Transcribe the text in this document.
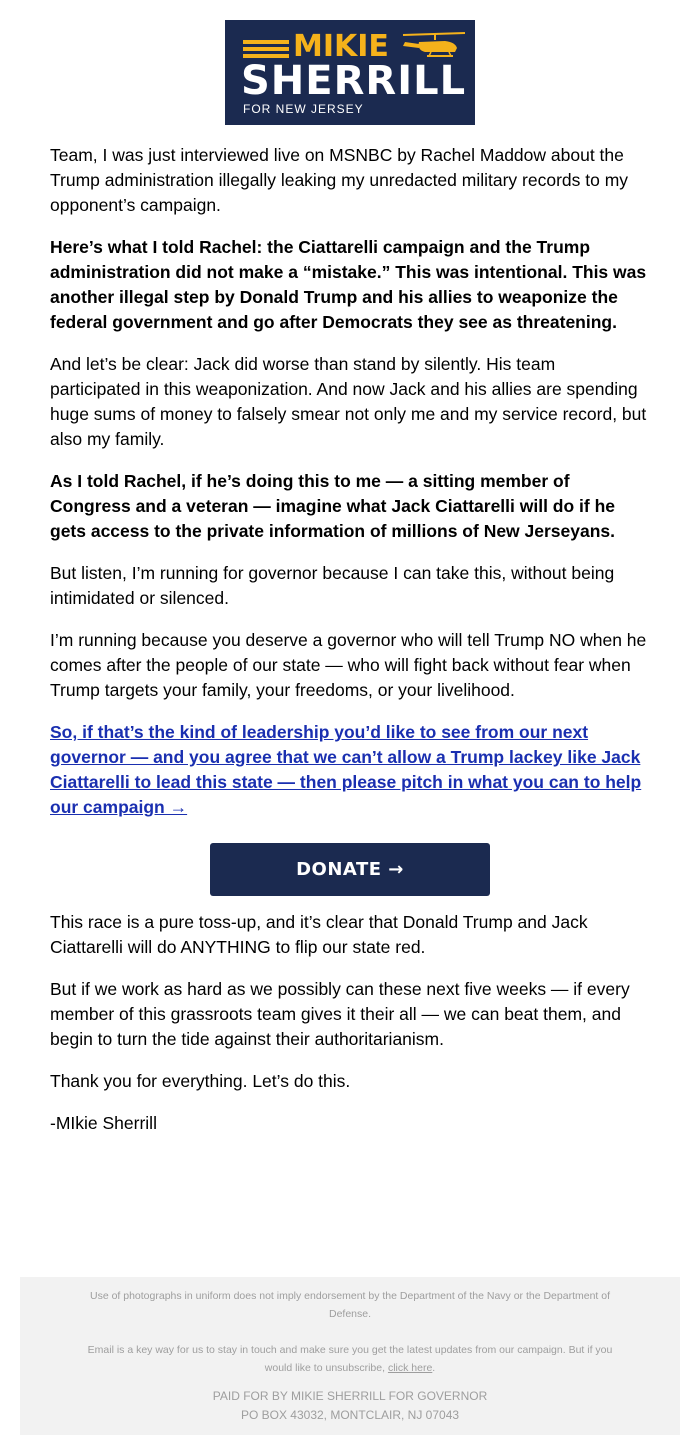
MIKIE
SHERRILL
FOR NEW JERSEY

Team, I was just interviewed live on MSNBC by Rachel Maddow about the Trump administration illegally leaking my unredacted military records to my opponent’s campaign.

Here’s what I told Rachel: the Ciattarelli campaign and the Trump administration did not make a “mistake.” This was intentional. This was another illegal step by Donald Trump and his allies to weaponize the federal government and go after Democrats they see as threatening.

And let’s be clear: Jack did worse than stand by silently. His team participated in this weaponization. And now Jack and his allies are spending huge sums of money to falsely smear not only me and my service record, but also my family.

As I told Rachel, if he’s doing this to me — a sitting member of Congress and a veteran — imagine what Jack Ciattarelli will do if he gets access to the private information of millions of New Jerseyans.

But listen, I’m running for governor because I can take this, without being intimidated or silenced.

I’m running because you deserve a governor who will tell Trump NO when he comes after the people of our state — who will fight back without fear when Trump targets your family, your freedoms, or your livelihood.

So, if that’s the kind of leadership you’d like to see from our next governor — and you agree that we can’t allow a Trump lackey like Jack Ciattarelli to lead this state — then please pitch in what you can to help our campaign →

DONATE →

This race is a pure toss-up, and it’s clear that Donald Trump and Jack Ciattarelli will do ANYTHING to flip our state red.

But if we work as hard as we possibly can these next five weeks — if every member of this grassroots team gives it their all — we can beat them, and begin to turn the tide against their authoritarianism.

Thank you for everything. Let’s do this.

-MIkie Sherrill

Use of photographs in uniform does not imply endorsement by the Department of the Navy or the Department of Defense.
Email is a key way for us to stay in touch and make sure you get the latest updates from our campaign. But if you would like to unsubscribe, click here.
PAID FOR BY MIKIE SHERRILL FOR GOVERNOR
PO BOX 43032, MONTCLAIR, NJ 07043
